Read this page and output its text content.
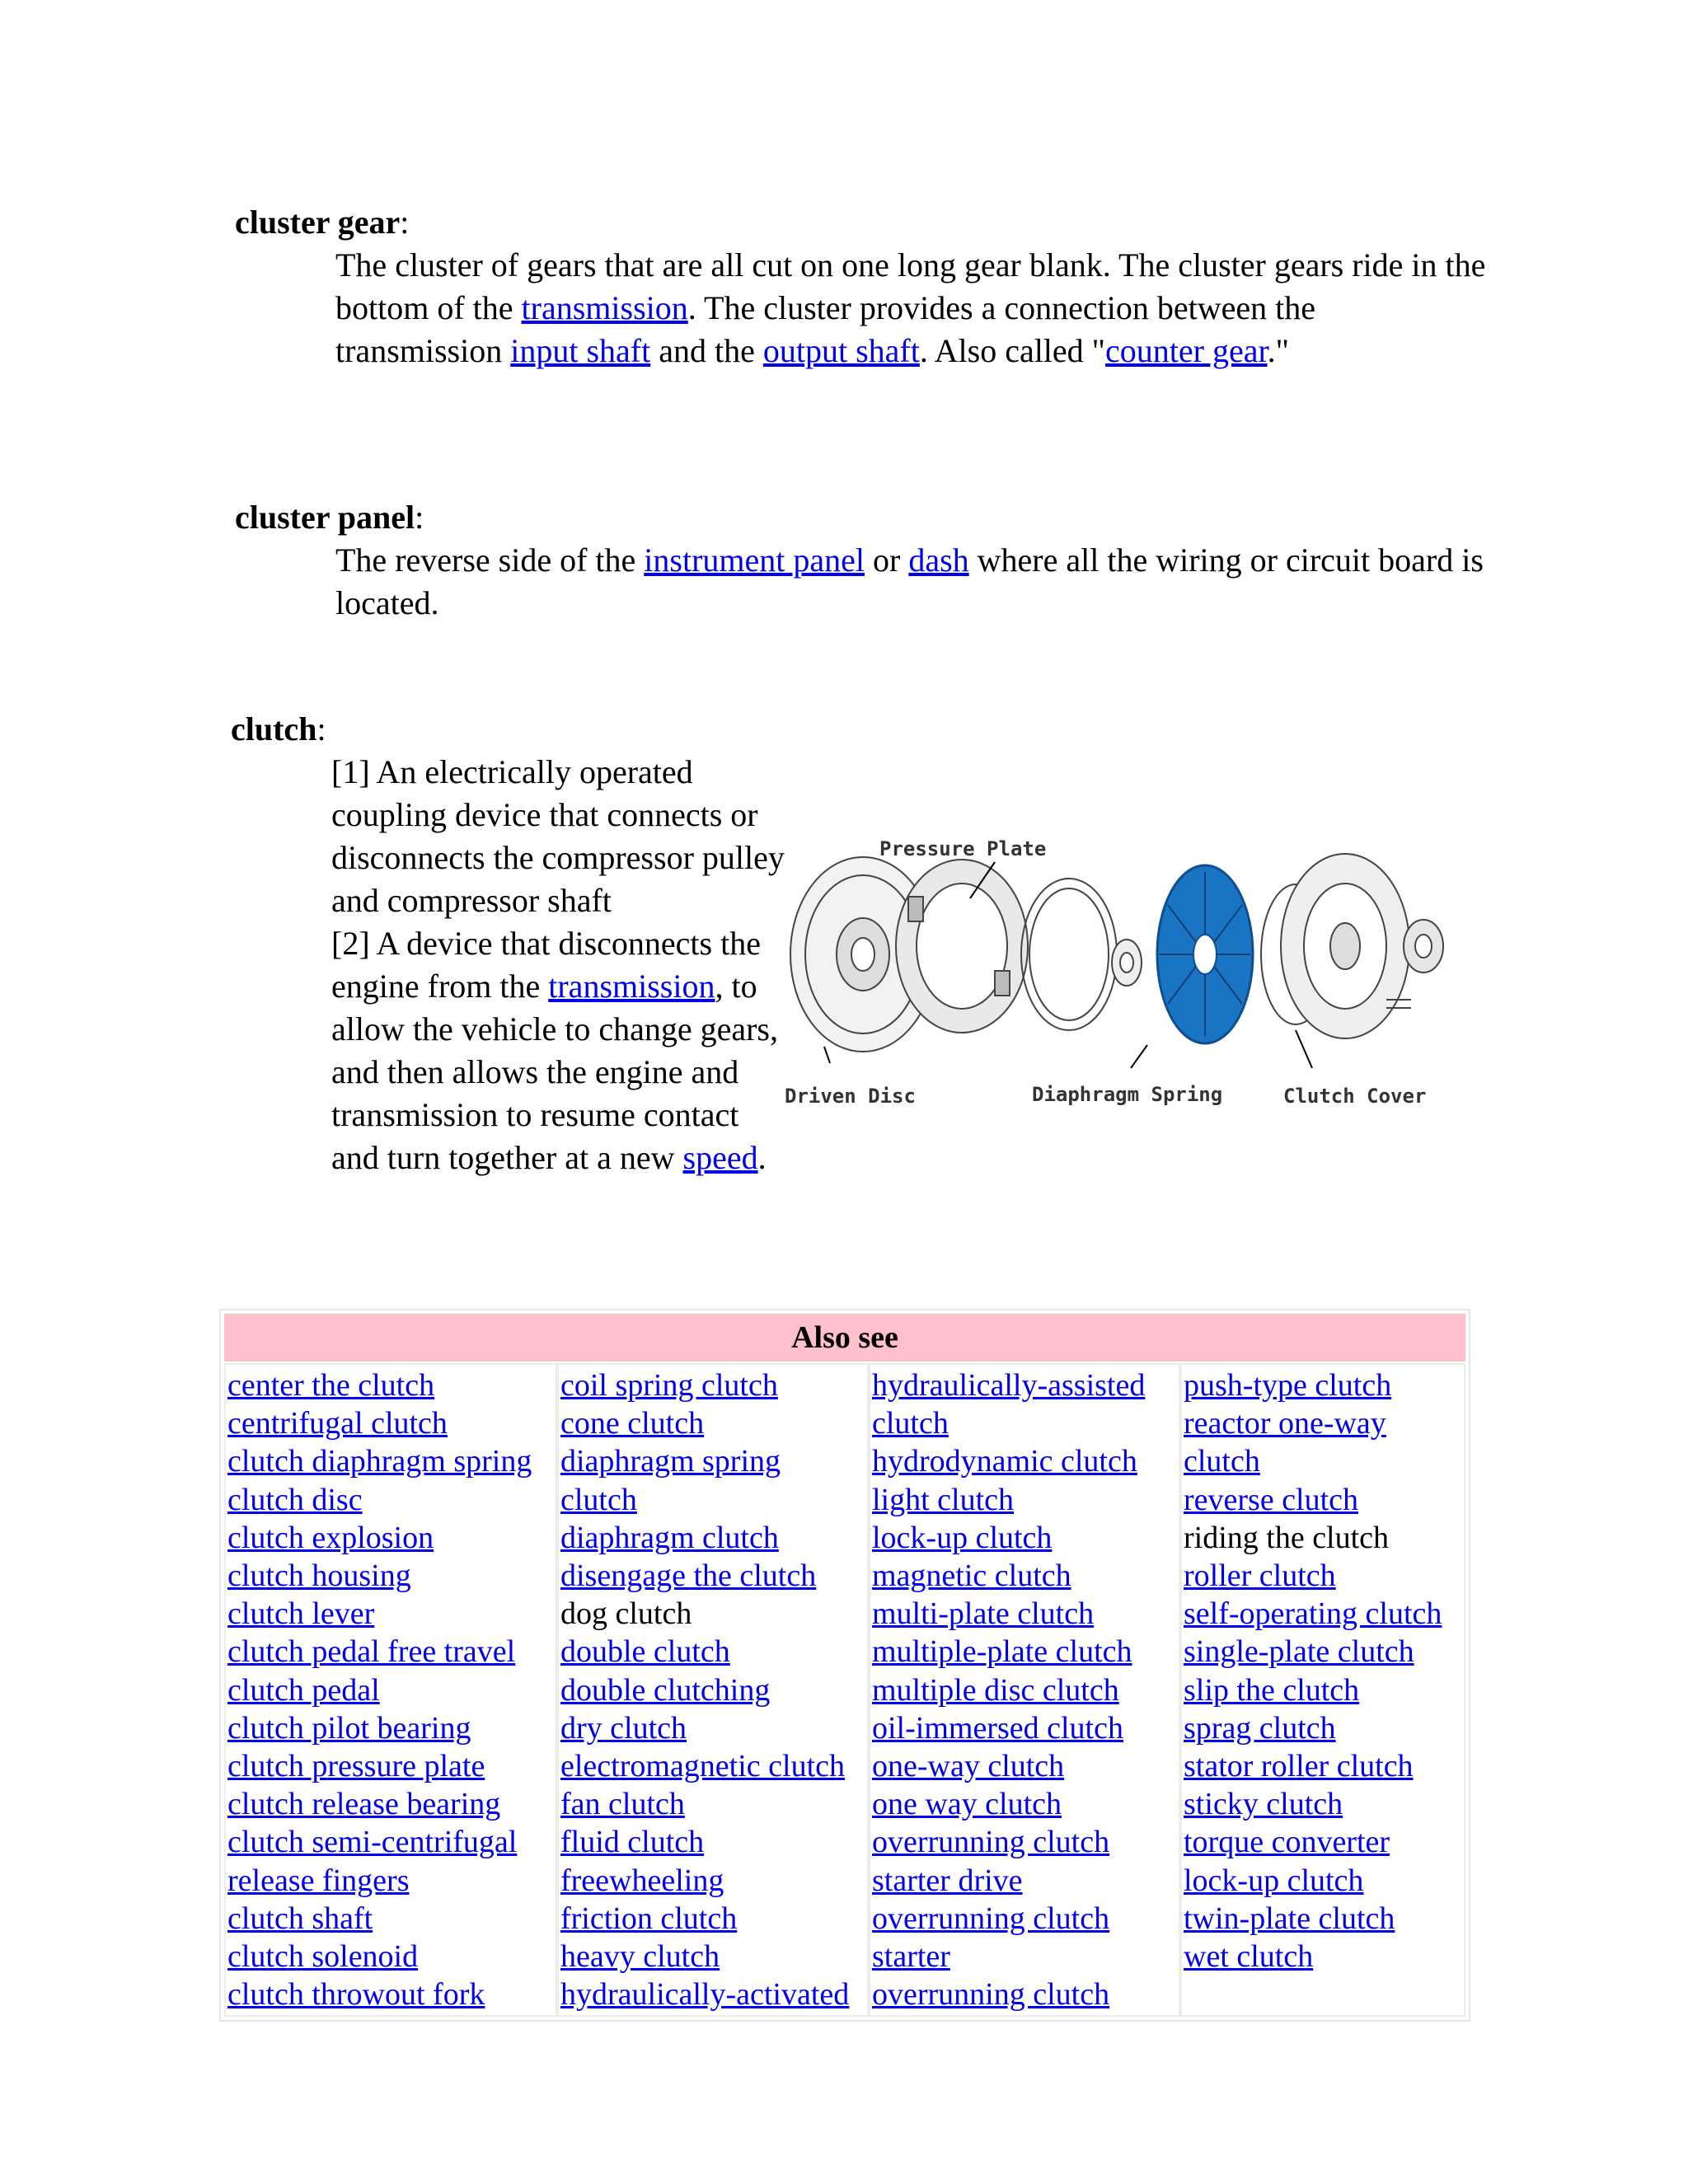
cluster gear:
The cluster of gears that are all cut on one long gear blank. The cluster gears ride in the bottom of the transmission. The cluster provides a connection between the transmission input shaft and the output shaft. Also called "counter gear."
cluster panel:
The reverse side of the instrument panel or dash where all the wiring or circuit board is located.
clutch:
[1] An electrically operated coupling device that connects or disconnects the compressor pulley and compressor shaft
[2] A device that disconnects the engine from the transmission, to allow the vehicle to change gears, and then allows the engine and transmission to resume contact and turn together at a new speed.
Pressure Plate
Driven Disc	Diaphragm Spring	Clutch Cover
Also see
center the clutch
centrifugal clutch
clutch diaphragm spring
clutch disc
clutch explosion
clutch housing
clutch lever
clutch pedal free travel
clutch pedal
clutch pilot bearing
clutch pressure plate
clutch release bearing
clutch semi-centrifugal
release fingers
clutch shaft
clutch solenoid
clutch throwout fork
coil spring clutch
cone clutch
diaphragm spring
clutch
diaphragm clutch
disengage the clutch
dog clutch
double clutch
double clutching
dry clutch
electromagnetic clutch
fan clutch
fluid clutch
freewheeling
friction clutch
heavy clutch
hydraulically-activated
hydraulically-assisted
clutch
hydrodynamic clutch
light clutch
lock-up clutch
magnetic clutch
multi-plate clutch
multiple-plate clutch
multiple disc clutch
oil-immersed clutch
one-way clutch
one way clutch
overrunning clutch
starter drive
overrunning clutch
starter
overrunning clutch
push-type clutch
reactor one-way
clutch
reverse clutch
riding the clutch
roller clutch
self-operating clutch
single-plate clutch
slip the clutch
sprag clutch
stator roller clutch
sticky clutch
torque converter
lock-up clutch
twin-plate clutch
wet clutch
